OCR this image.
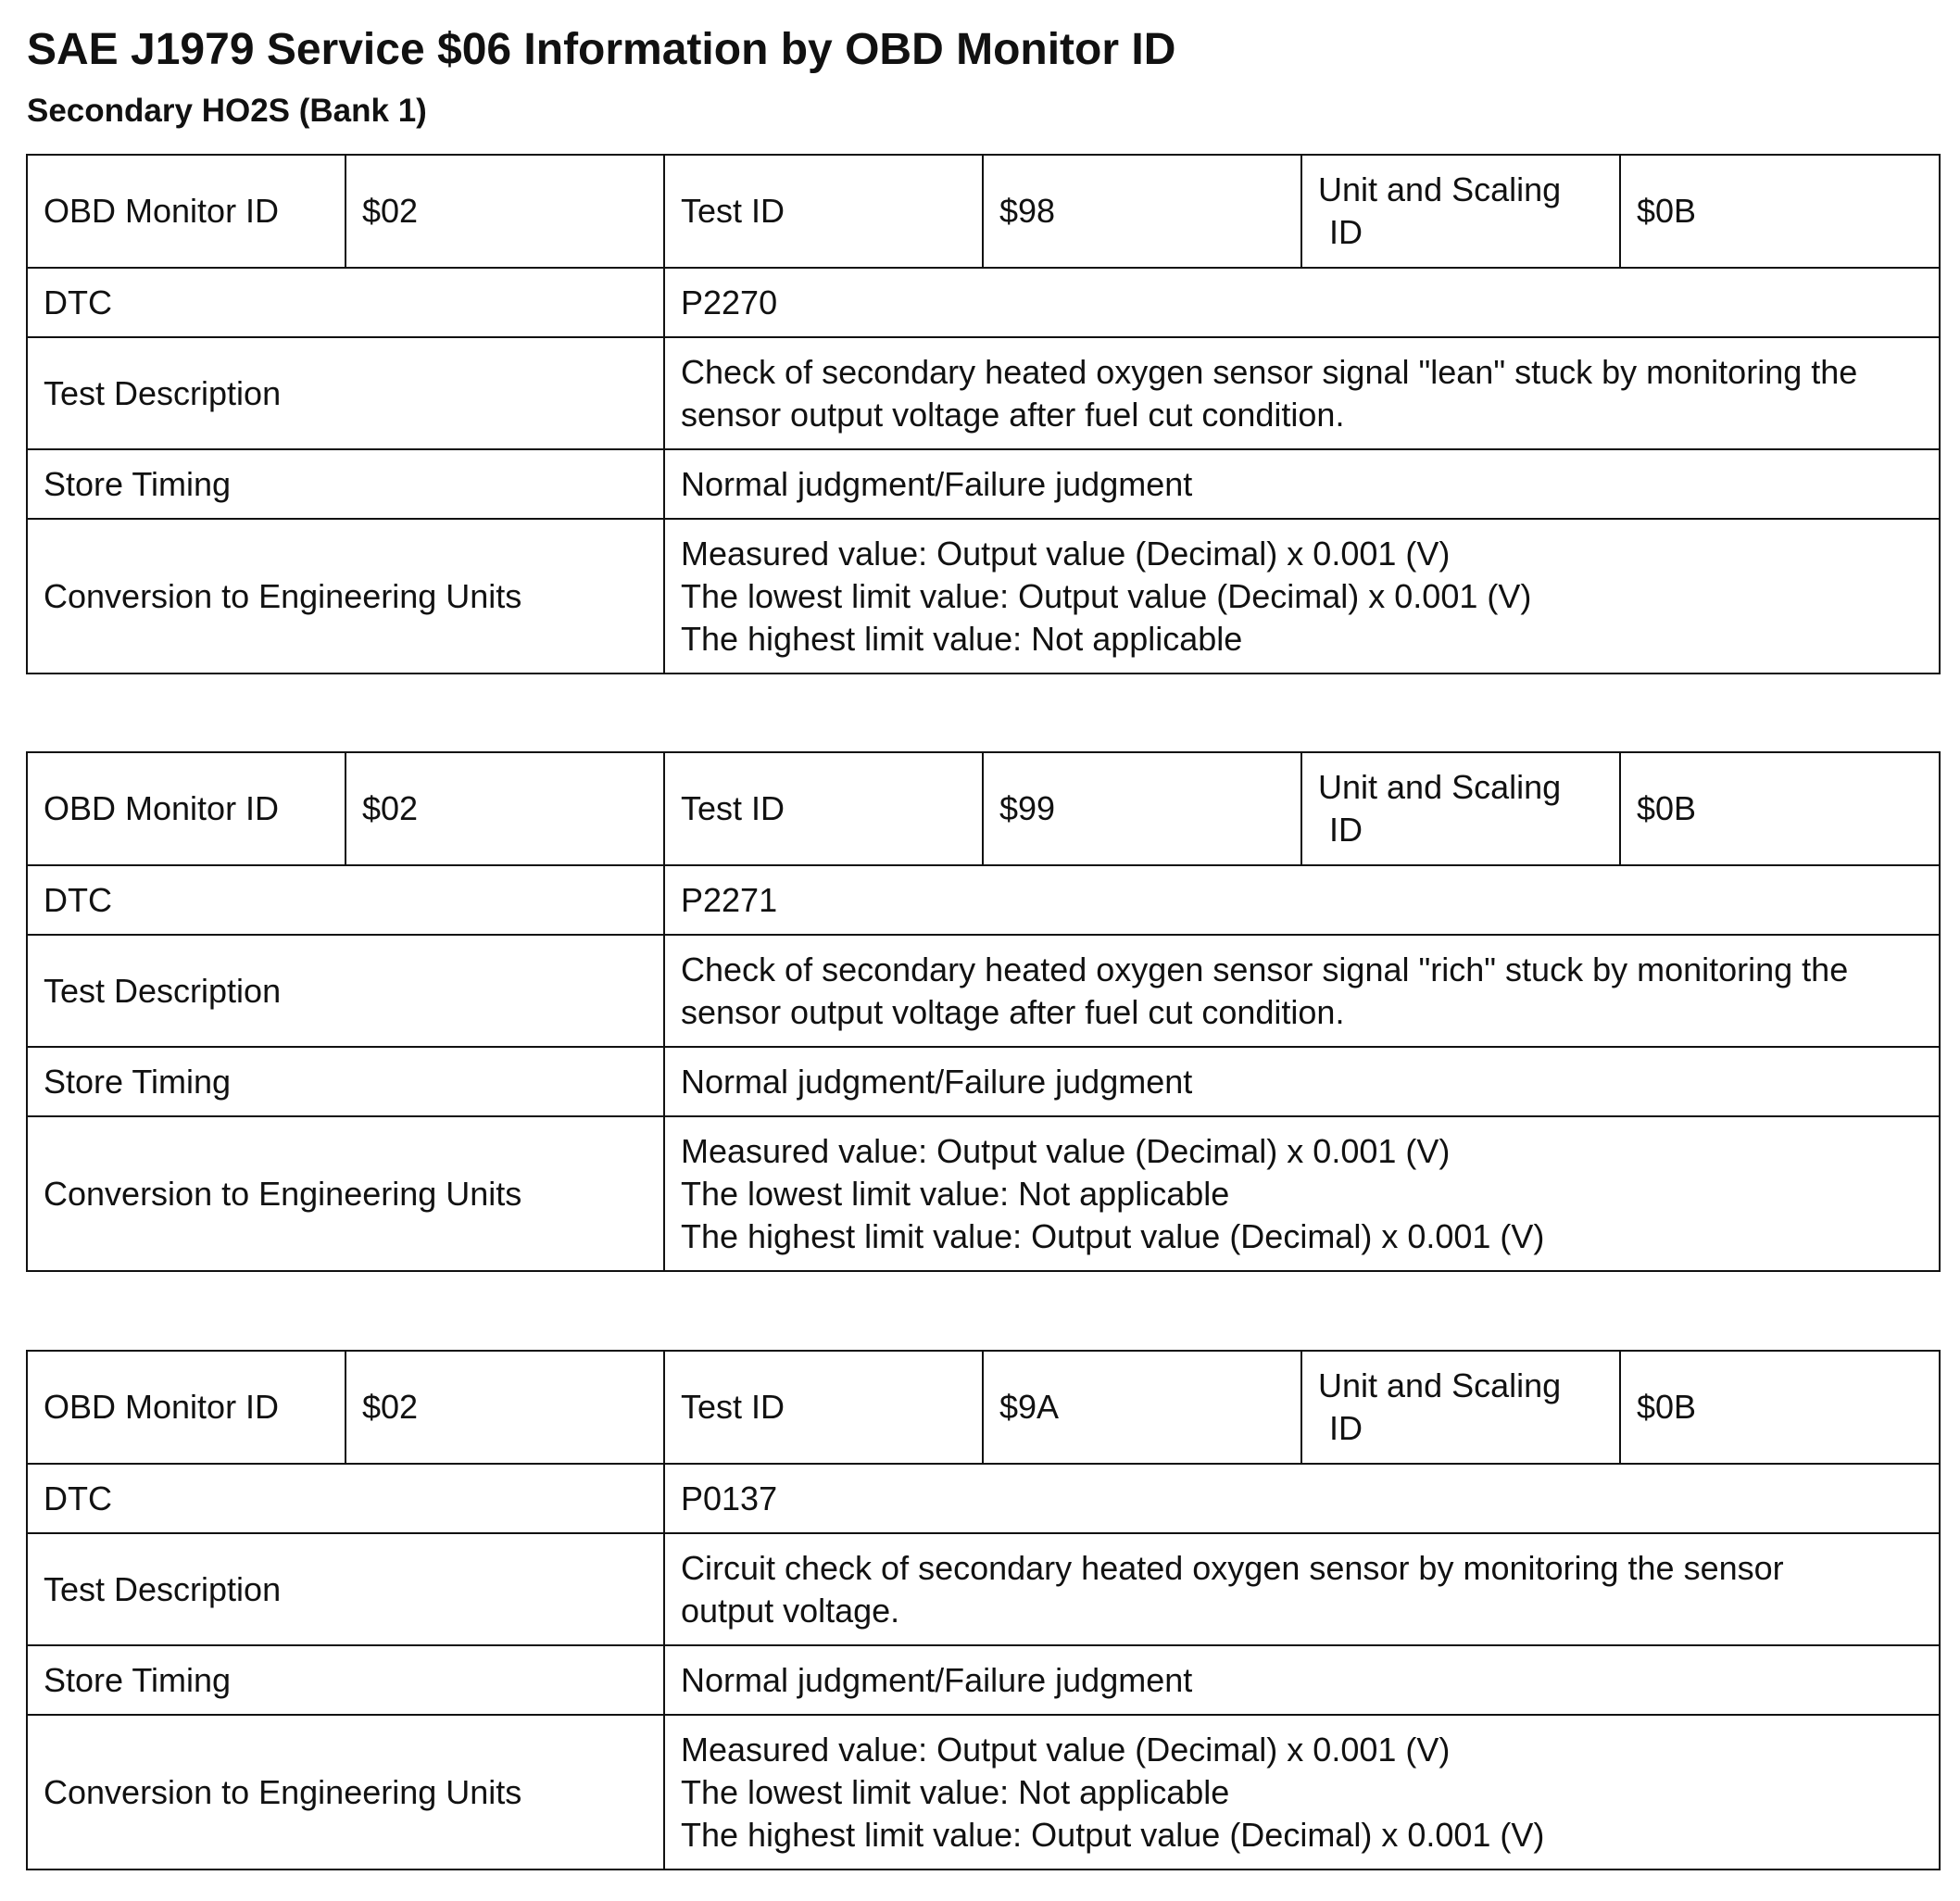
SAE J1979 Service $06 Information by OBD Monitor ID
Secondary HO2S (Bank 1)
OBD Monitor ID	$02	Test ID	$98	Unit and Scaling
ID	$0B
DTC		P2270			
Test Description		Check of secondary heated oxygen sensor signal "lean" stuck by monitoring the
sensor output voltage after fuel cut condition.			

Store Timing		Normal judgment/Failure judgment			
Conversion to Engineering Units		Measured value: Output value (Decimal) x 0.001 (V)
The lowest limit value: Output value (Decimal) x 0.001 (V)
The highest limit value: Not applicable			
OBD Monitor ID	$02	Test ID	$99	Unit and Scaling
ID	$0B
DTC		P2271			
Test Description		Check of secondary heated oxygen sensor signal "rich" stuck by monitoring the
sensor output voltage after fuel cut condition.			

Store Timing		Normal judgment/Failure judgment			
Conversion to Engineering Units		Measured value: Output value (Decimal) x 0.001 (V)
The lowest limit value: Not applicable
The highest limit value: Output value (Decimal) x 0.001 (V)			
OBD Monitor ID	$02	Test ID	$9A	Unit and Scaling
ID	$0B
DTC		P0137			
Test Description		Circuit check of secondary heated oxygen sensor by monitoring the sensor
output voltage.			

Store Timing		Normal judgment/Failure judgment			
Conversion to Engineering Units		Measured value: Output value (Decimal) x 0.001 (V)
The lowest limit value: Not applicable
The highest limit value: Output value (Decimal) x 0.001 (V)			
